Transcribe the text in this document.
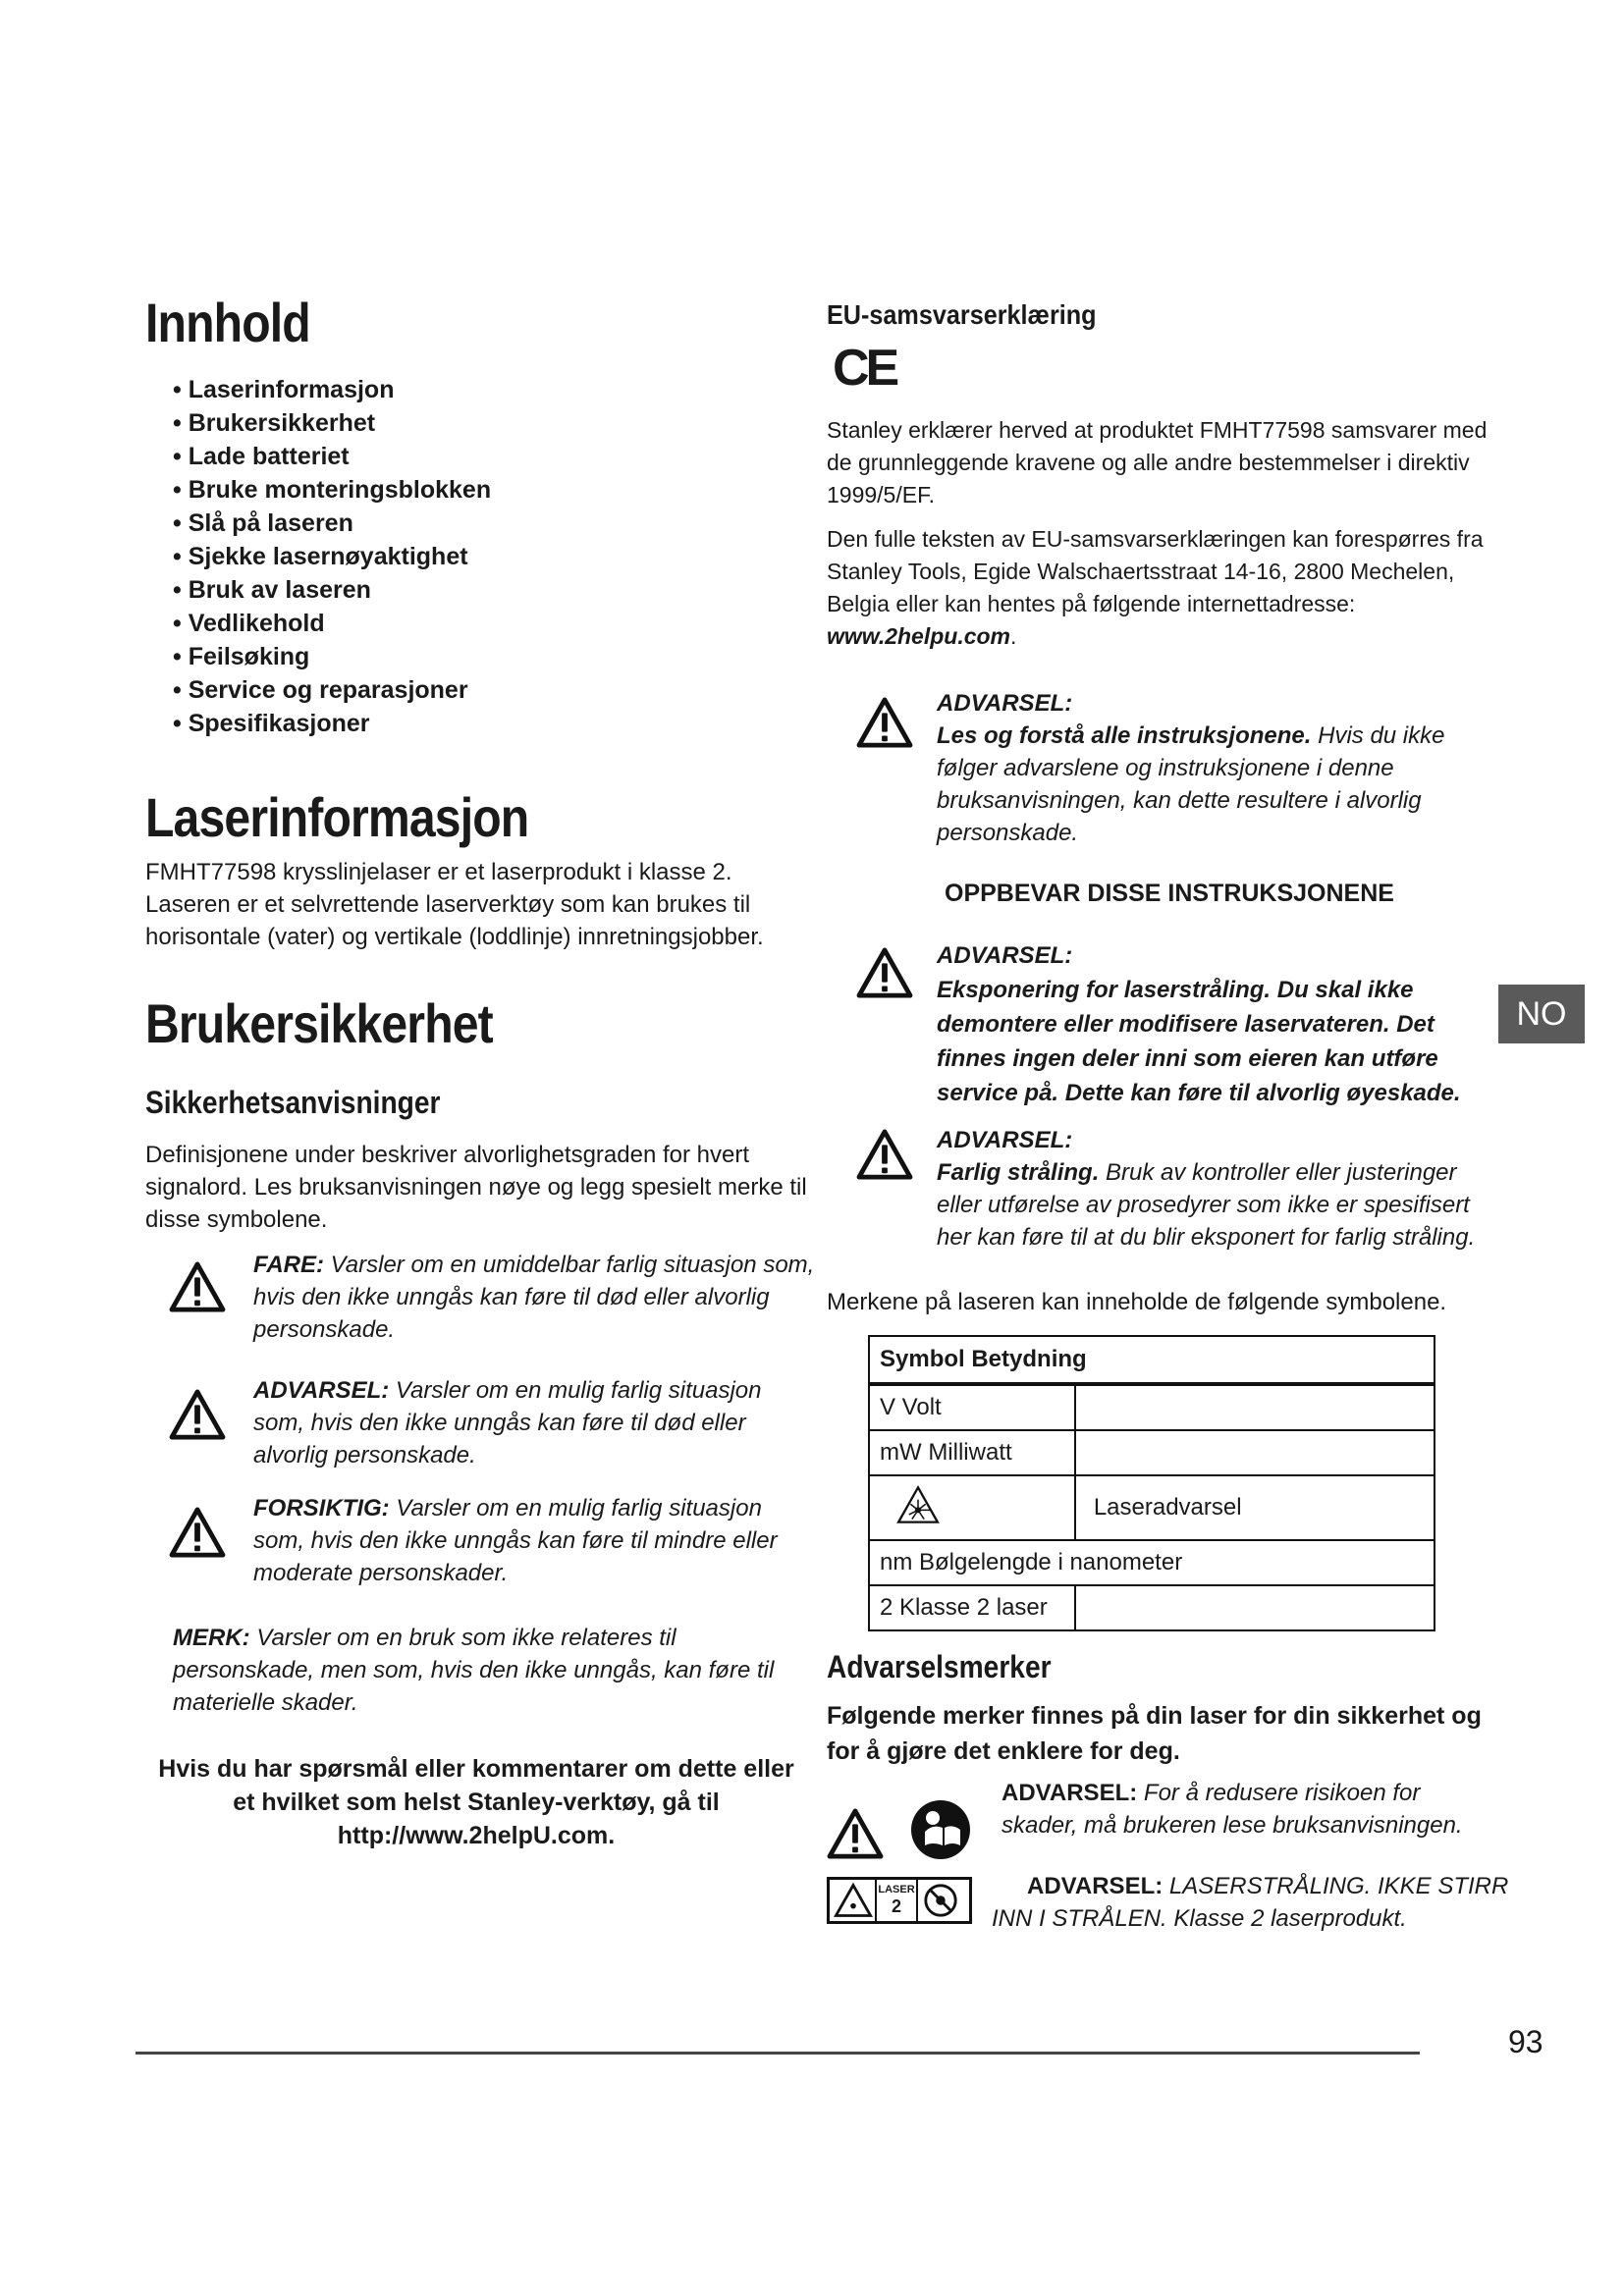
Innhold
• Laserinformasjon
• Brukersikkerhet
• Lade batteriet
• Bruke monteringsblokken
• Slå på laseren
• Sjekke lasernøyaktighet
• Bruk av laseren
• Vedlikehold
• Feilsøking
• Service og reparasjoner
• Spesifikasjoner
Laserinformasjon

FMHT77598 krysslinjelaser er et laserprodukt i klasse 2.

Laseren er et selvrettende laserverktøy som kan brukes til horisontale (vater) og vertikale (loddlinje) innretningsjobber.

Brukersikkerhet
Sikkerhetsanvisninger

Definisjonene under beskriver alvorlighetsgraden for hvert signalord. Les bruksanvisningen nøye og legg spesielt merke til disse symbolene.

FARE: Varsler om en umiddelbar farlig situasjon som, hvis den ikke unngås kan føre til død eller alvorlig personskade.
ADVARSEL: Varsler om en mulig farlig situasjon som, hvis den ikke unngås kan føre til død eller alvorlig personskade.
FORSIKTIG: Varsler om en mulig farlig situasjon som, hvis den ikke unngås kan føre til mindre eller moderate personskader.
MERK: Varsler om en bruk som ikke relateres til personskade, men som, hvis den ikke unngås, kan føre til materielle skader.
Hvis du har spørsmål eller kommentarer om dette eller et hvilket som helst Stanley-verktøy, gå til http://www.2helpU.com.
EU-samsvarserklæring
CE

Stanley erklærer herved at produktet FMHT77598 samsvarer med de grunnleggende kravene og alle andre bestemmelser i direktiv 1999/5/EF.

Den fulle teksten av EU-samsvarserklæringen kan forespørres fra Stanley Tools, Egide Walschaertsstraat 14-16, 2800 Mechelen, Belgia eller kan hentes på følgende internettadresse: www.2helpu.com.

ADVARSEL:
Les og forstå alle instruksjonene. Hvis du ikke følger advarslene og instruksjonene i denne bruksanvisningen, kan dette resultere i alvorlig personskade.
OPPBEVAR DISSE INSTRUKSJONENE
ADVARSEL:
Eksponering for laserstråling. Du skal ikke demontere eller modifisere laservateren. Det finnes ingen deler inni som eieren kan utføre service på. Dette kan føre til alvorlig øyeskade.
ADVARSEL:
Farlig stråling. Bruk av kontroller eller justeringer eller utførelse av prosedyrer som ikke er spesifisert her kan føre til at du blir eksponert for farlig stråling.
Merkene på laseren kan inneholde de følgende symbolene.
Symbol Betydning	
V Volt	
mW Milliwatt	
	Laseradvarsel
nm Bølgelengde i nanometer	
2 Klasse 2 laser	
Advarselsmerker
Følgende merker finnes på din laser for din sikkerhet og for å gjøre det enklere for deg.
ADVARSEL: For å redusere risikoen for skader, må brukeren lese bruksanvisningen.
LASER
2
ADVARSEL: LASERSTRÅLING. IKKE STIRR INN I STRÅLEN. Klasse 2 laserprodukt.
NO
93
